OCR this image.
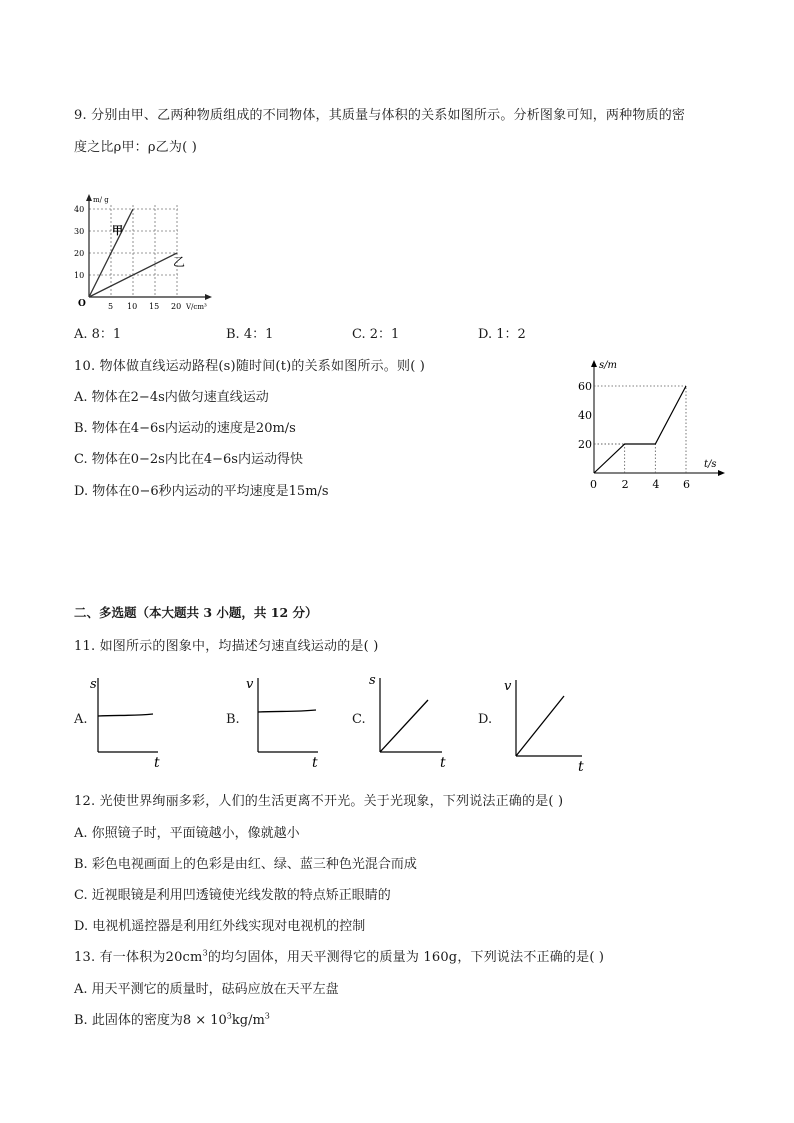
9. 分别由甲、乙两种物质组成的不同物体，其质量与体积的关系如图所示。分析图象可知，两种物质的密
度之比ρ甲：ρ乙为( )
m/ g
40
30
20
10
O	5 10 15 20 V/cm³
甲
乙
A. 8：1	B. 4：1	C. 2：1	D. 1：2
10. 物体做直线运动路程(s)随时间(t)的关系如图所示。则( )
A. 物体在2−4s内做匀速直线运动
B. 物体在4−6s内运动的速度是20m/s
C. 物体在0−2s内比在4−6s内运动得快
D. 物体在0−6秒内运动的平均速度是15m/s
60
40
20
2 4 6
0
s/m
t/s
二、多选题（本大题共 3 小题，共 12 分）
11. 如图所示的图象中，均描述匀速直线运动的是( )
A.
s
t
B.
v
t
C.
s
t
D.
v
t
12. 光使世界绚丽多彩，人们的生活更离不开光。关于光现象，下列说法正确的是( )
A. 你照镜子时，平面镜越小，像就越小
B. 彩色电视画面上的色彩是由红、绿、蓝三种色光混合而成
C. 近视眼镜是利用凹透镜使光线发散的特点矫正眼睛的
D. 电视机遥控器是利用红外线实现对电视机的控制
13. 有一体积为$20cm^3$的均匀固体，用天平测得它的质量为 160g，下列说法不正确的是( )
A. 用天平测它的质量时，砝码应放在天平左盘
B. 此固体的密度为$8 \times 10^3kg/m^3$
